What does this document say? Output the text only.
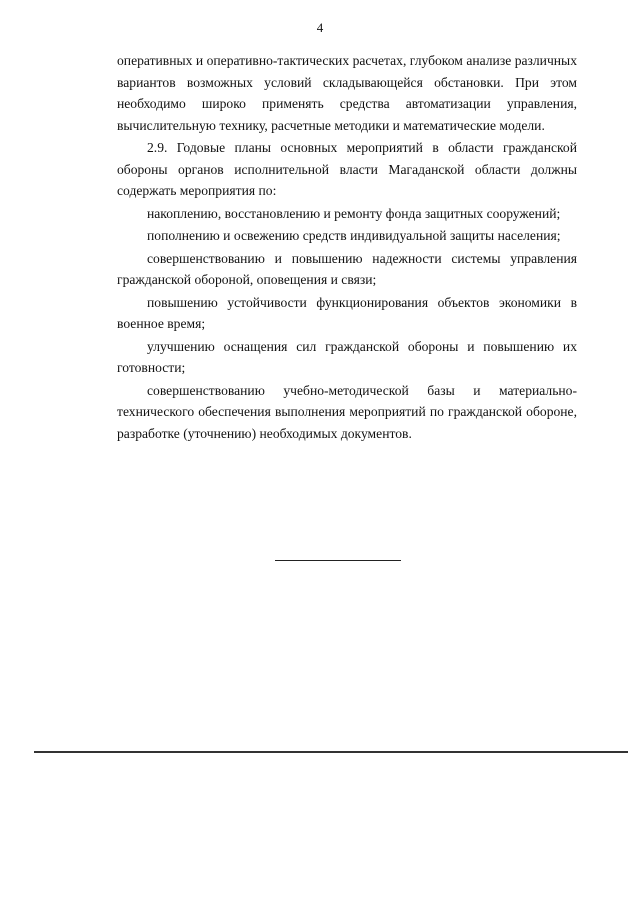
4

оперативных и оперативно-тактических расчетах, глубоком анализе различных вариантов возможных условий складывающейся обстановки. При этом необходимо широко применять средства автоматизации управления, вычислительную технику, расчетные методики и математические модели.

2.9. Годовые планы основных мероприятий в области гражданской обороны органов исполнительной власти Магаданской области должны содержать мероприятия по:

накоплению, восстановлению и ремонту фонда защитных сооружений;

пополнению и освежению средств индивидуальной защиты населения;

совершенствованию и повышению надежности системы управления гражданской обороной, оповещения и связи;

повышению устойчивости функционирования объектов экономики в военное время;

улучшению оснащения сил гражданской обороны и повышению их готовности;

совершенствованию учебно-методической базы и материально-технического обеспечения выполнения мероприятий по гражданской обороне, разработке (уточнению) необходимых документов.
